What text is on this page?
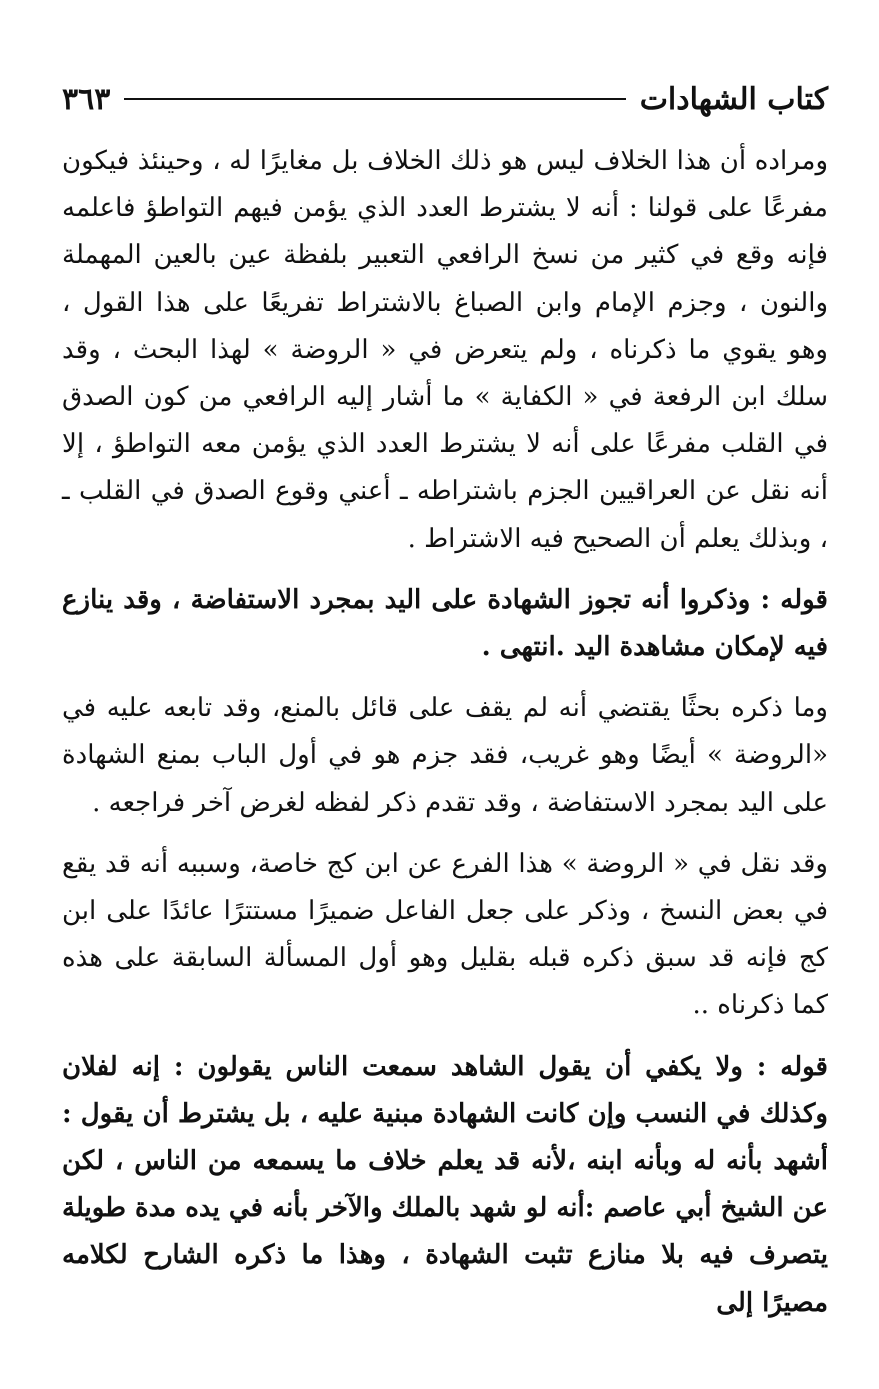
كتاب الشهادات
٣٦٣

ومراده أن هذا الخلاف ليس هو ذلك الخلاف بل مغايرًا له ، وحينئذ فيكون مفرعًا على قولنا : أنه لا يشترط العدد الذي يؤمن فيهم التواطؤ فاعلمه فإنه وقع في كثير من نسخ الرافعي التعبير بلفظة عين بالعين المهملة والنون ، وجزم الإمام وابن الصباغ بالاشتراط تفريعًا على هذا القول ، وهو يقوي ما ذكرناه ، ولم يتعرض في « الروضة » لهذا البحث ، وقد سلك ابن الرفعة في « الكفاية » ما أشار إليه الرافعي من كون الصدق في القلب مفرعًا على أنه لا يشترط العدد الذي يؤمن معه التواطؤ ، إلا أنه نقل عن العراقيين الجزم باشتراطه ـ أعني وقوع الصدق في القلب ـ ، وبذلك يعلم أن الصحيح فيه الاشتراط .

قوله : وذكروا أنه تجوز الشهادة على اليد بمجرد الاستفاضة ، وقد ينازع فيه لإمكان مشاهدة اليد .انتهى .

وما ذكره بحثًا يقتضي أنه لم يقف على قائل بالمنع، وقد تابعه عليه في «الروضة » أيضًا وهو غريب، فقد جزم هو في أول الباب بمنع الشهادة على اليد بمجرد الاستفاضة ، وقد تقدم ذكر لفظه لغرض آخر فراجعه .

وقد نقل في « الروضة » هذا الفرع عن ابن كج خاصة، وسببه أنه قد يقع في بعض النسخ ، وذكر على جعل الفاعل ضميرًا مستترًا عائدًا على ابن كج فإنه قد سبق ذكره قبله بقليل وهو أول المسألة السابقة على هذه كما ذكرناه ..

قوله : ولا يكفي أن يقول الشاهد سمعت الناس يقولون : إنه لفلان وكذلك في النسب وإن كانت الشهادة مبنية عليه ، بل يشترط أن يقول : أشهد بأنه له وبأنه ابنه ،لأنه قد يعلم خلاف ما يسمعه من الناس ، لكن عن الشيخ أبي عاصم :أنه لو شهد بالملك والآخر بأنه في يده مدة طويلة يتصرف فيه بلا منازع تثبت الشهادة ، وهذا ما ذكره الشارح لكلامه مصيرًا إلى
